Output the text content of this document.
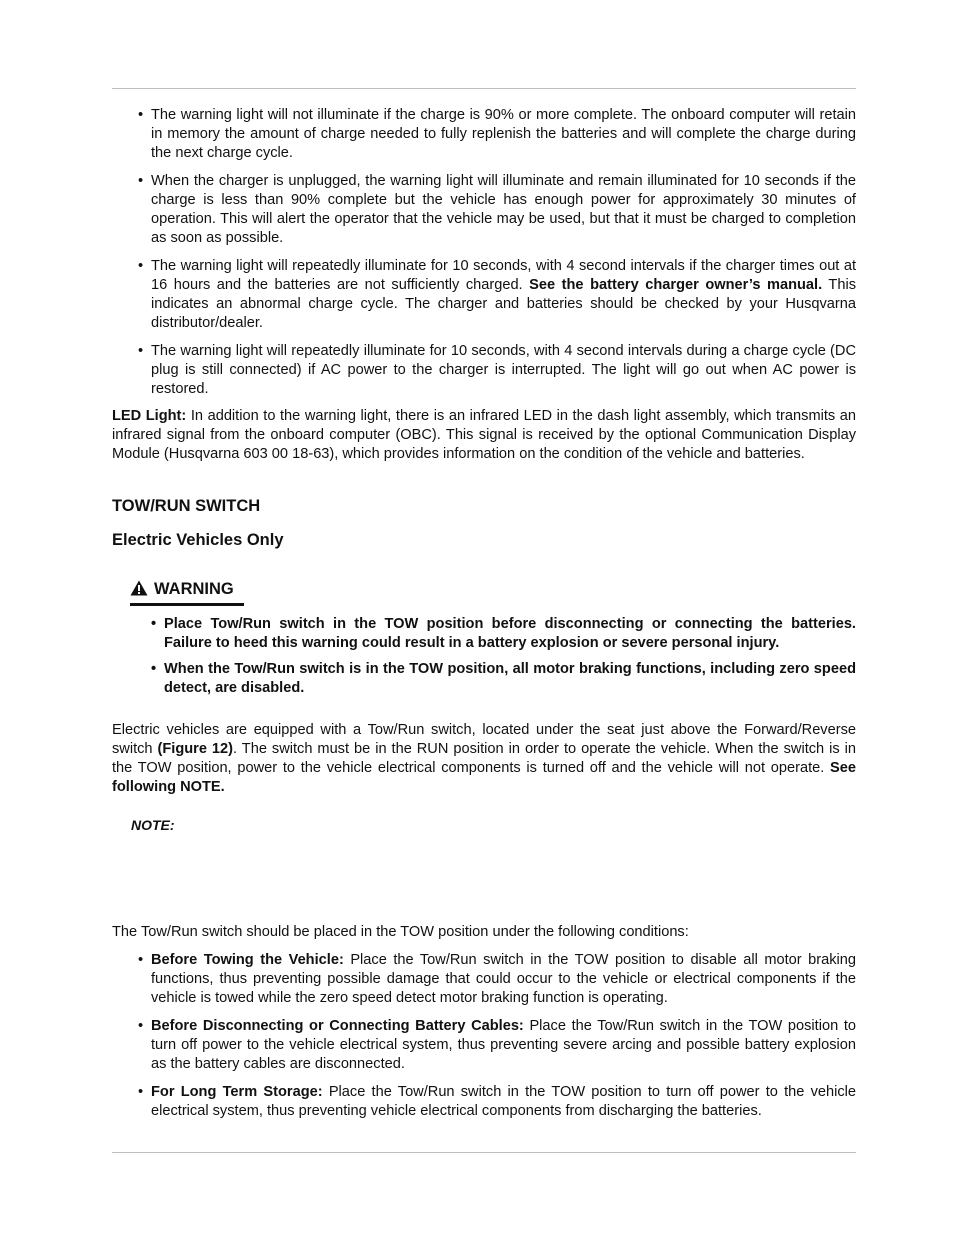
• The warning light will not illuminate if the charge is 90% or more complete. The onboard computer will retain in memory the amount of charge needed to fully replenish the batteries and will complete the charge during the next charge cycle.
• When the charger is unplugged, the warning light will illuminate and remain illuminated for 10 seconds if the charge is less than 90% complete but the vehicle has enough power for approximately 30 minutes of operation. This will alert the operator that the vehicle may be used, but that it must be charged to completion as soon as possible.
• The warning light will repeatedly illuminate for 10 seconds, with 4 second intervals if the charger times out at 16 hours and the batteries are not sufficiently charged. See the battery charger owner’s manual. This indicates an abnormal charge cycle. The charger and batteries should be checked by your Husqvarna distributor/dealer.
• The warning light will repeatedly illuminate for 10 seconds, with 4 second intervals during a charge cycle (DC plug is still connected) if AC power to the charger is interrupted. The light will go out when AC power is restored.

LED Light: In addition to the warning light, there is an infrared LED in the dash light assembly, which transmits an infrared signal from the onboard computer (OBC). This signal is received by the optional Communication Display Module (Husqvarna 603 00 18-63), which provides information on the condition of the vehicle and batteries.

TOW/RUN SWITCH
Electric Vehicles Only
WARNING
• Place Tow/Run switch in the TOW position before disconnecting or connecting the batteries. Failure to heed this warning could result in a battery explosion or severe personal injury.
• When the Tow/Run switch is in the TOW position, all motor braking functions, including zero speed detect, are disabled.

Electric vehicles are equipped with a Tow/Run switch, located under the seat just above the Forward/Reverse switch (Figure 12). The switch must be in the RUN position in order to operate the vehicle. When the switch is in the TOW position, power to the vehicle electrical components is turned off and the vehicle will not operate. See following NOTE.

NOTE:

The Tow/Run switch should be placed in the TOW position under the following conditions:

• Before Towing the Vehicle: Place the Tow/Run switch in the TOW position to disable all motor braking functions, thus preventing possible damage that could occur to the vehicle or electrical components if the vehicle is towed while the zero speed detect motor braking function is operating.
• Before Disconnecting or Connecting Battery Cables: Place the Tow/Run switch in the TOW position to turn off power to the vehicle electrical system, thus preventing severe arcing and possible battery explosion as the battery cables are disconnected.
• For Long Term Storage: Place the Tow/Run switch in the TOW position to turn off power to the vehicle electrical system, thus preventing vehicle electrical components from discharging the batteries.
